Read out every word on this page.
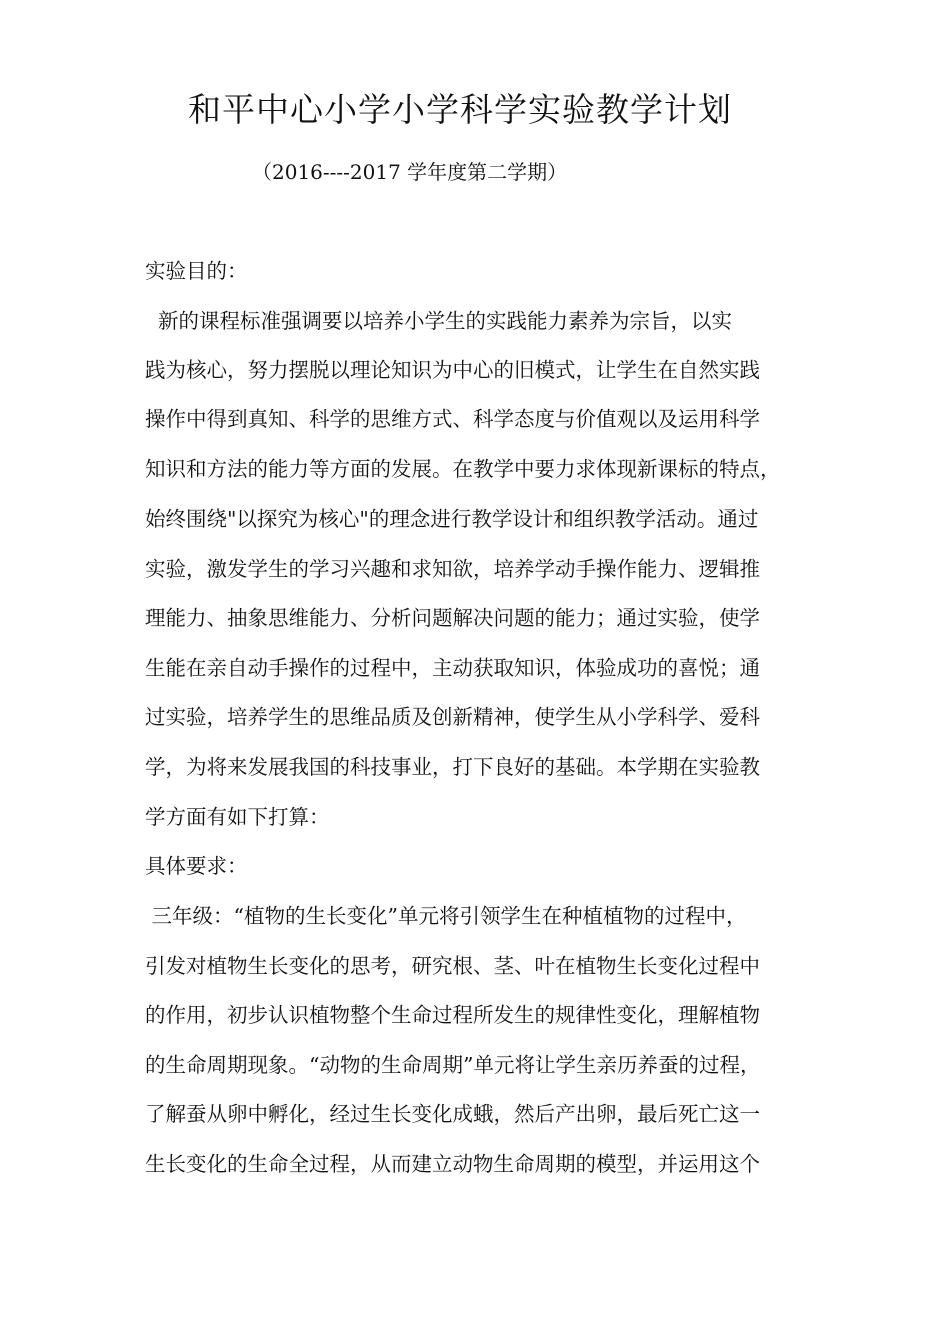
和平中心小学小学科学实验教学计划
（2016----2017 学年度第二学期）
实验目的：
新的课程标准强调要以培养小学生的实践能力素养为宗旨，以实
践为核心，努力摆脱以理论知识为中心的旧模式，让学生在自然实践
操作中得到真知、科学的思维方式、科学态度与价值观以及运用科学
知识和方法的能力等方面的发展。在教学中要力求体现新课标的特点，
始终围绕"以探究为核心"的理念进行教学设计和组织教学活动。通过
实验，激发学生的学习兴趣和求知欲，培养学动手操作能力、逻辑推
理能力、抽象思维能力、分析问题解决问题的能力；通过实验，使学
生能在亲自动手操作的过程中，主动获取知识，体验成功的喜悦；通
过实验，培养学生的思维品质及创新精神，使学生从小学科学、爱科
学，为将来发展我国的科技事业，打下良好的基础。本学期在实验教
学方面有如下打算：
具体要求：
三年级：“植物的生长变化”单元将引领学生在种植植物的过程中，
引发对植物生长变化的思考，研究根、茎、叶在植物生长变化过程中
的作用，初步认识植物整个生命过程所发生的规律性变化，理解植物
的生命周期现象。“动物的生命周期”单元将让学生亲历养蚕的过程，
了解蚕从卵中孵化，经过生长变化成蛾，然后产出卵，最后死亡这一
生长变化的生命全过程，从而建立动物生命周期的模型，并运用这个
